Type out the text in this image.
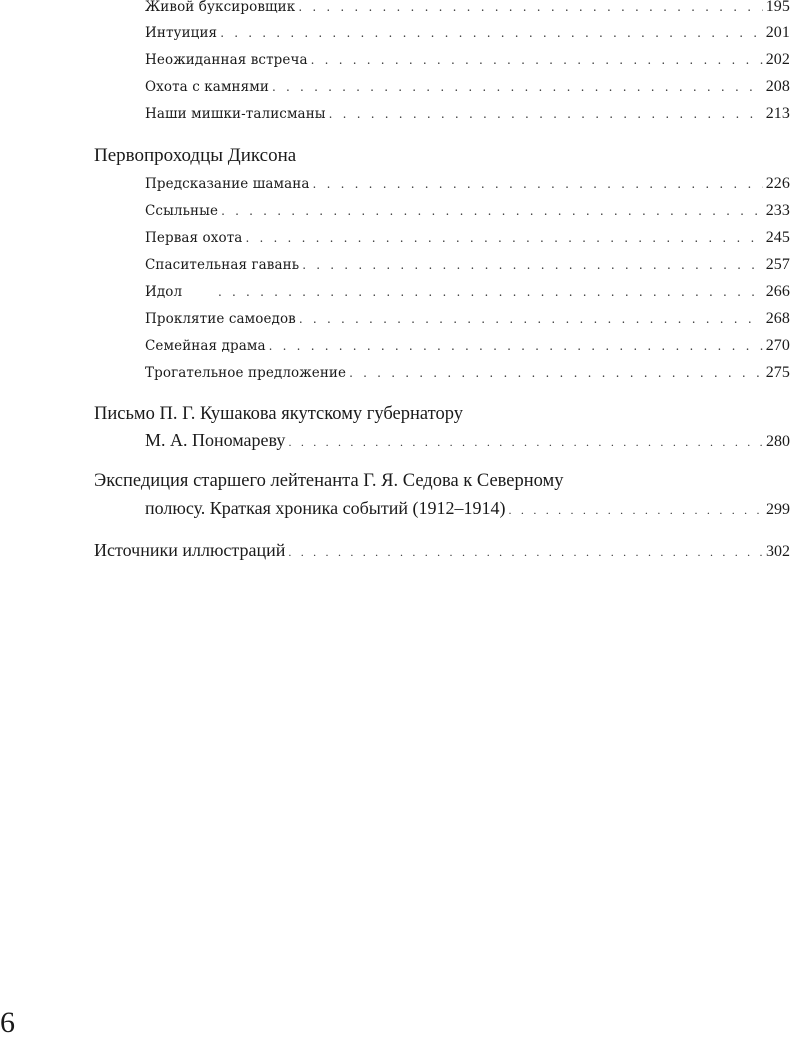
Живой буксировщик . . .	195
Интуиция . . .	201
Неожиданная встреча . . .	202
Охота с камнями . . .	208
Наши мишки-талисманы . . .	213
Первопроходцы Диксона
Предсказание шамана . . .	226
Ссыльные . . .	233
Первая охота . . .	245
Спасительная гавань . . .	257
Идол . . .	266
Проклятие самоедов . . .	268
Семейная драма . . .	270
Трогательное предложение . . .	275
Письмо П. Г. Кушакова якутскому губернатору
М. А. Пономареву . . .	280
Экспедиция старшего лейтенанта Г. Я. Седова к Северному
полюсу. Краткая хроника событий (1912–1914) . . .	299
Источники иллюстраций . . .	302
6
